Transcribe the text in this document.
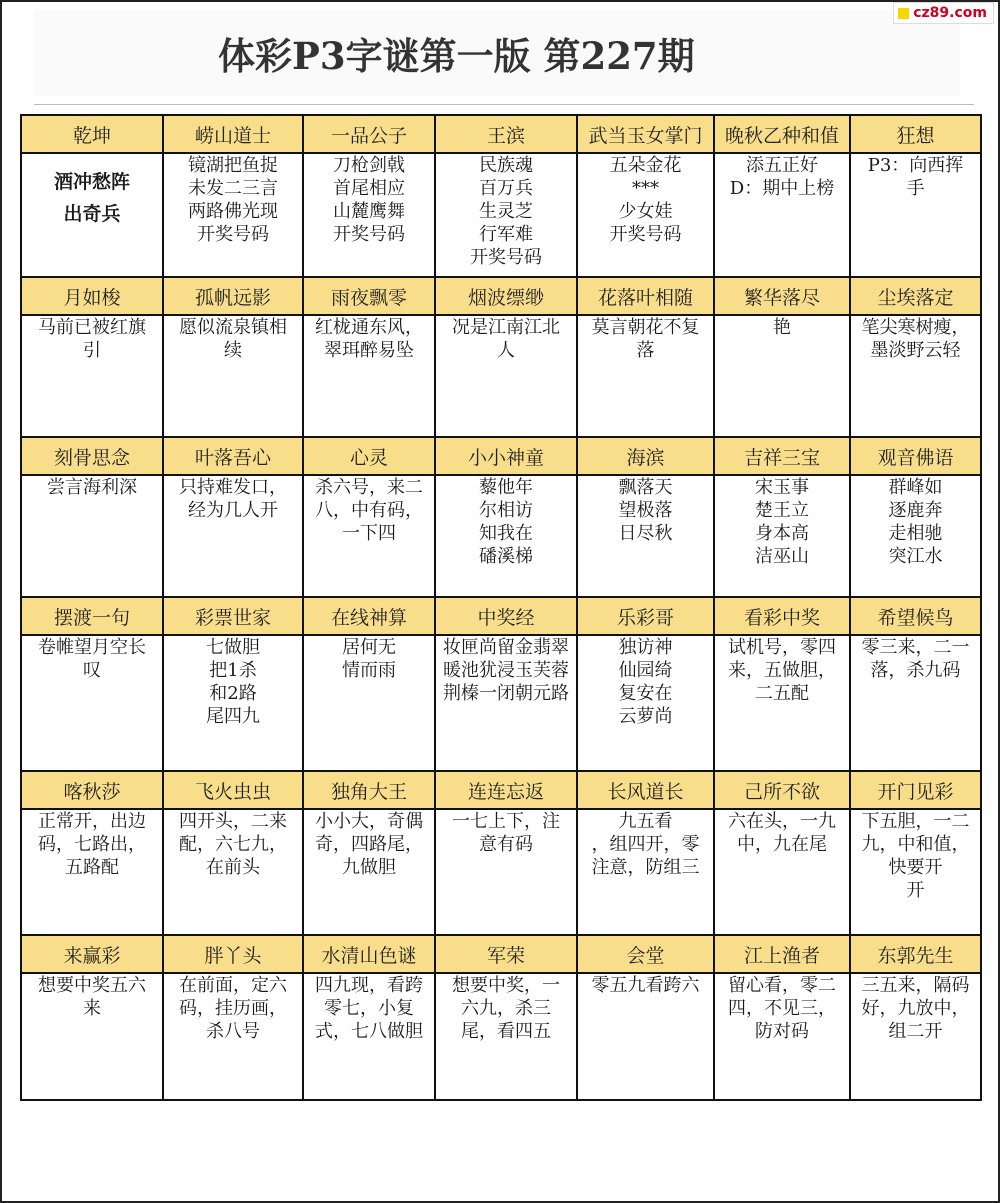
体彩P3字谜第一版 第227期
cz89.com
乾坤	崂山道士	一品公子	王滨	武当玉女掌门	晚秋乙种和值	狂想

酒冲愁阵
出奇兵	镜湖把鱼捉
未发二三言
两路佛光现
开奖号码	刀枪剑戟
首尾相应
山麓鹰舞
开奖号码	民族魂
百万兵
生灵芝
行军难
开奖号码	五朵金花
***
少女娃
开奖号码	添五正好
D：期中上榜	P3：向西挥
手

月如梭	孤帆远影	雨夜飘零	烟波缥缈	花落叶相随	繁华落尽	尘埃落定

马前已被红旗
引	愿似流泉镇相
续	红栊通东风，
翠珥醉易坠	况是江南江北
人	莫言朝花不复
落	艳	笔尖寒树瘦，
墨淡野云轻

刻骨思念	叶落吾心	心灵	小小神童	海滨	吉祥三宝	观音佛语

尝言海利深	只持难发口，
经为几人开	杀六号，来二
八，中有码，
一下四	藜他年
尔相访
知我在
磻溪梯	飘落天
望极落
日尽秋	宋玉事
楚王立
身本高
洁巫山	群峰如
逐鹿奔
走相驰
突江水

摆渡一句	彩票世家	在线神算	中奖经	乐彩哥	看彩中奖	希望候鸟

卷帷望月空长
叹	七做胆
把1杀
和2路
尾四九	居何无
情而雨	妆匣尚留金翡翠
暖池犹浸玉芙蓉
荆榛一闭朝元路	独访神
仙园绮
复安在
云萝尚	试机号，零四
来，五做胆，
二五配	零三来，二一
落，杀九码

喀秋莎	飞火虫虫	独角大王	连连忘返	长风道长	己所不欲	开门见彩

正常开，出边
码，七路出，
五路配	四开头，二来
配，六七九，
在前头	小小大，奇偶
奇，四路尾，
九做胆	一七上下，注
意有码	九五看
，组四开，零
注意，防组三	六在头，一九
中，九在尾	下五胆，一二
九，中和值，
快要开
开

来赢彩	胖丫头	水清山色谜	军荣	会堂	江上渔者	东郭先生

想要中奖五六
来	在前面，定六
码，挂历画，
杀八号	四九现，看跨
零七，小复
式，七八做胆	想要中奖，一
六九，杀三
尾，看四五	零五九看跨六	留心看，零二
四，不见三，
防对码	三五来，隔码
好，九放中，
组二开
